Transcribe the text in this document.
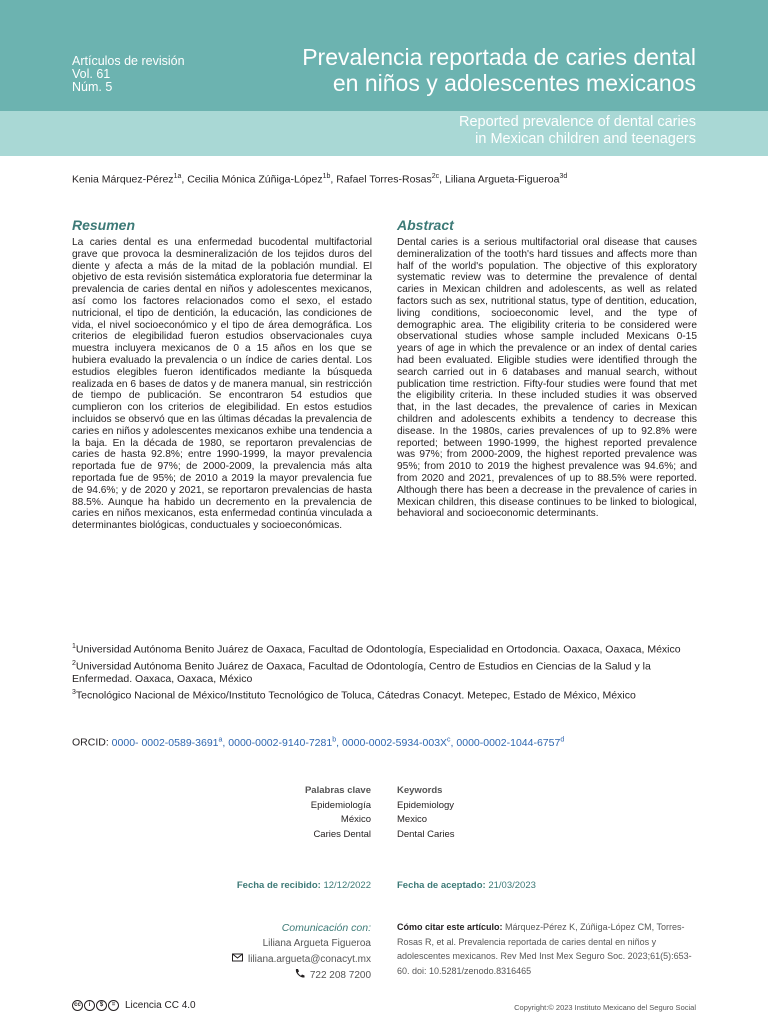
Artículos de revisión
Vol. 61
Núm. 5
Prevalencia reportada de caries dental
en niños y adolescentes mexicanos
Reported prevalence of dental caries
in Mexican children and teenagers
Kenia Márquez-Pérez$^{1a}$, Cecilia Mónica Zúñiga-López$^{1b}$, Rafael Torres-Rosas$^{2c}$, Liliana Argueta-Figueroa$^{3d}$
Resumen
La caries dental es una enfermedad bucodental multifactorial grave que provoca la desmineralización de los tejidos duros del diente y afecta a más de la mitad de la población mundial. El objetivo de esta revisión sistemática exploratoria fue determinar la prevalencia de caries dental en niños y adolescentes mexicanos, así como los factores relacionados como el sexo, el estado nutricional, el tipo de dentición, la educación, las condiciones de vida, el nivel socioeconómico y el tipo de área demográfica. Los criterios de elegibilidad fueron estudios observacionales cuya muestra incluyera mexicanos de 0 a 15 años en los que se hubiera evaluado la prevalencia o un índice de caries dental. Los estudios elegibles fueron identificados mediante la búsqueda realizada en 6 bases de datos y de manera manual, sin restricción de tiempo de publicación. Se encontraron 54 estudios que cumplieron con los criterios de elegibilidad. En estos estudios incluidos se observó que en las últimas décadas la prevalencia de caries en niños y adolescentes mexicanos exhibe una tendencia a la baja. En la década de 1980, se reportaron prevalencias de caries de hasta 92.8%; entre 1990-1999, la mayor prevalencia reportada fue de 97%; de 2000-2009, la prevalencia más alta reportada fue de 95%; de 2010 a 2019 la mayor prevalencia fue de 94.6%; y de 2020 y 2021, se reportaron prevalencias de hasta 88.5%. Aunque ha habido un decremento en la prevalencia de caries en niños mexicanos, esta enfermedad continúa vinculada a determinantes biológicas, conductuales y socioeconómicas.
Abstract
Dental caries is a serious multifactorial oral disease that causes demineralization of the tooth's hard tissues and affects more than half of the world's population. The objective of this exploratory systematic review was to determine the prevalence of dental caries in Mexican children and adolescents, as well as related factors such as sex, nutritional status, type of dentition, education, living conditions, socioeconomic level, and the type of demographic area. The eligibility criteria to be considered were observational studies whose sample included Mexicans 0-15 years of age in which the prevalence or an index of dental caries had been evaluated. Eligible studies were identified through the search carried out in 6 databases and manual search, without publication time restriction. Fifty-four studies were found that met the eligibility criteria. In these included studies it was observed that, in the last decades, the prevalence of caries in Mexican children and adolescents exhibits a tendency to decrease this disease. In the 1980s, caries prevalences of up to 92.8% were reported; between 1990-1999, the highest reported prevalence was 97%; from 2000-2009, the highest reported prevalence was 95%; from 2010 to 2019 the highest prevalence was 94.6%; and from 2020 and 2021, prevalences of up to 88.5% were reported. Although there has been a decrease in the prevalence of caries in Mexican children, this disease continues to be linked to biological, behavioral and socioeconomic determinants.
$^1$Universidad Autónoma Benito Juárez de Oaxaca, Facultad de Odontología, Especialidad en Ortodoncia. Oaxaca, Oaxaca, México
$^2$Universidad Autónoma Benito Juárez de Oaxaca, Facultad de Odontología, Centro de Estudios en Ciencias de la Salud y la Enfermedad. Oaxaca, Oaxaca, México
$^3$Tecnológico Nacional de México/Instituto Tecnológico de Toluca, Cátedras Conacyt. Metepec, Estado de México, México
ORCID: 0000- 0002-0589-3691$^a$, 0000-0002-9140-7281$^b$, $0000-0002-5934-003X^c$, 0000-0002-1044-6757$^d$
Palabras clave
Epidemiología
México
Caries Dental
Keywords
Epidemiology
Mexico
Dental Caries
Fecha de recibido: 12/12/2022	Fecha de aceptado: 21/03/2023
Comunicación con:
Liliana Argueta Figueroa
liliana.argueta@conacyt.mx
722 208 7200
Cómo citar este artículo: Márquez-Pérez K, Zúñiga-López CM, Torres-Rosas R, et al. Prevalencia reportada de caries dental en niños y adolescentes mexicanos. Rev Med Inst Mex Seguro Soc. 2023;61(5):653-60. doi: 10.5281/zenodo.8316465
cc	i	$	= Licencia CC 4.0	Copyright:© 2023 Instituto Mexicano del Seguro Social
